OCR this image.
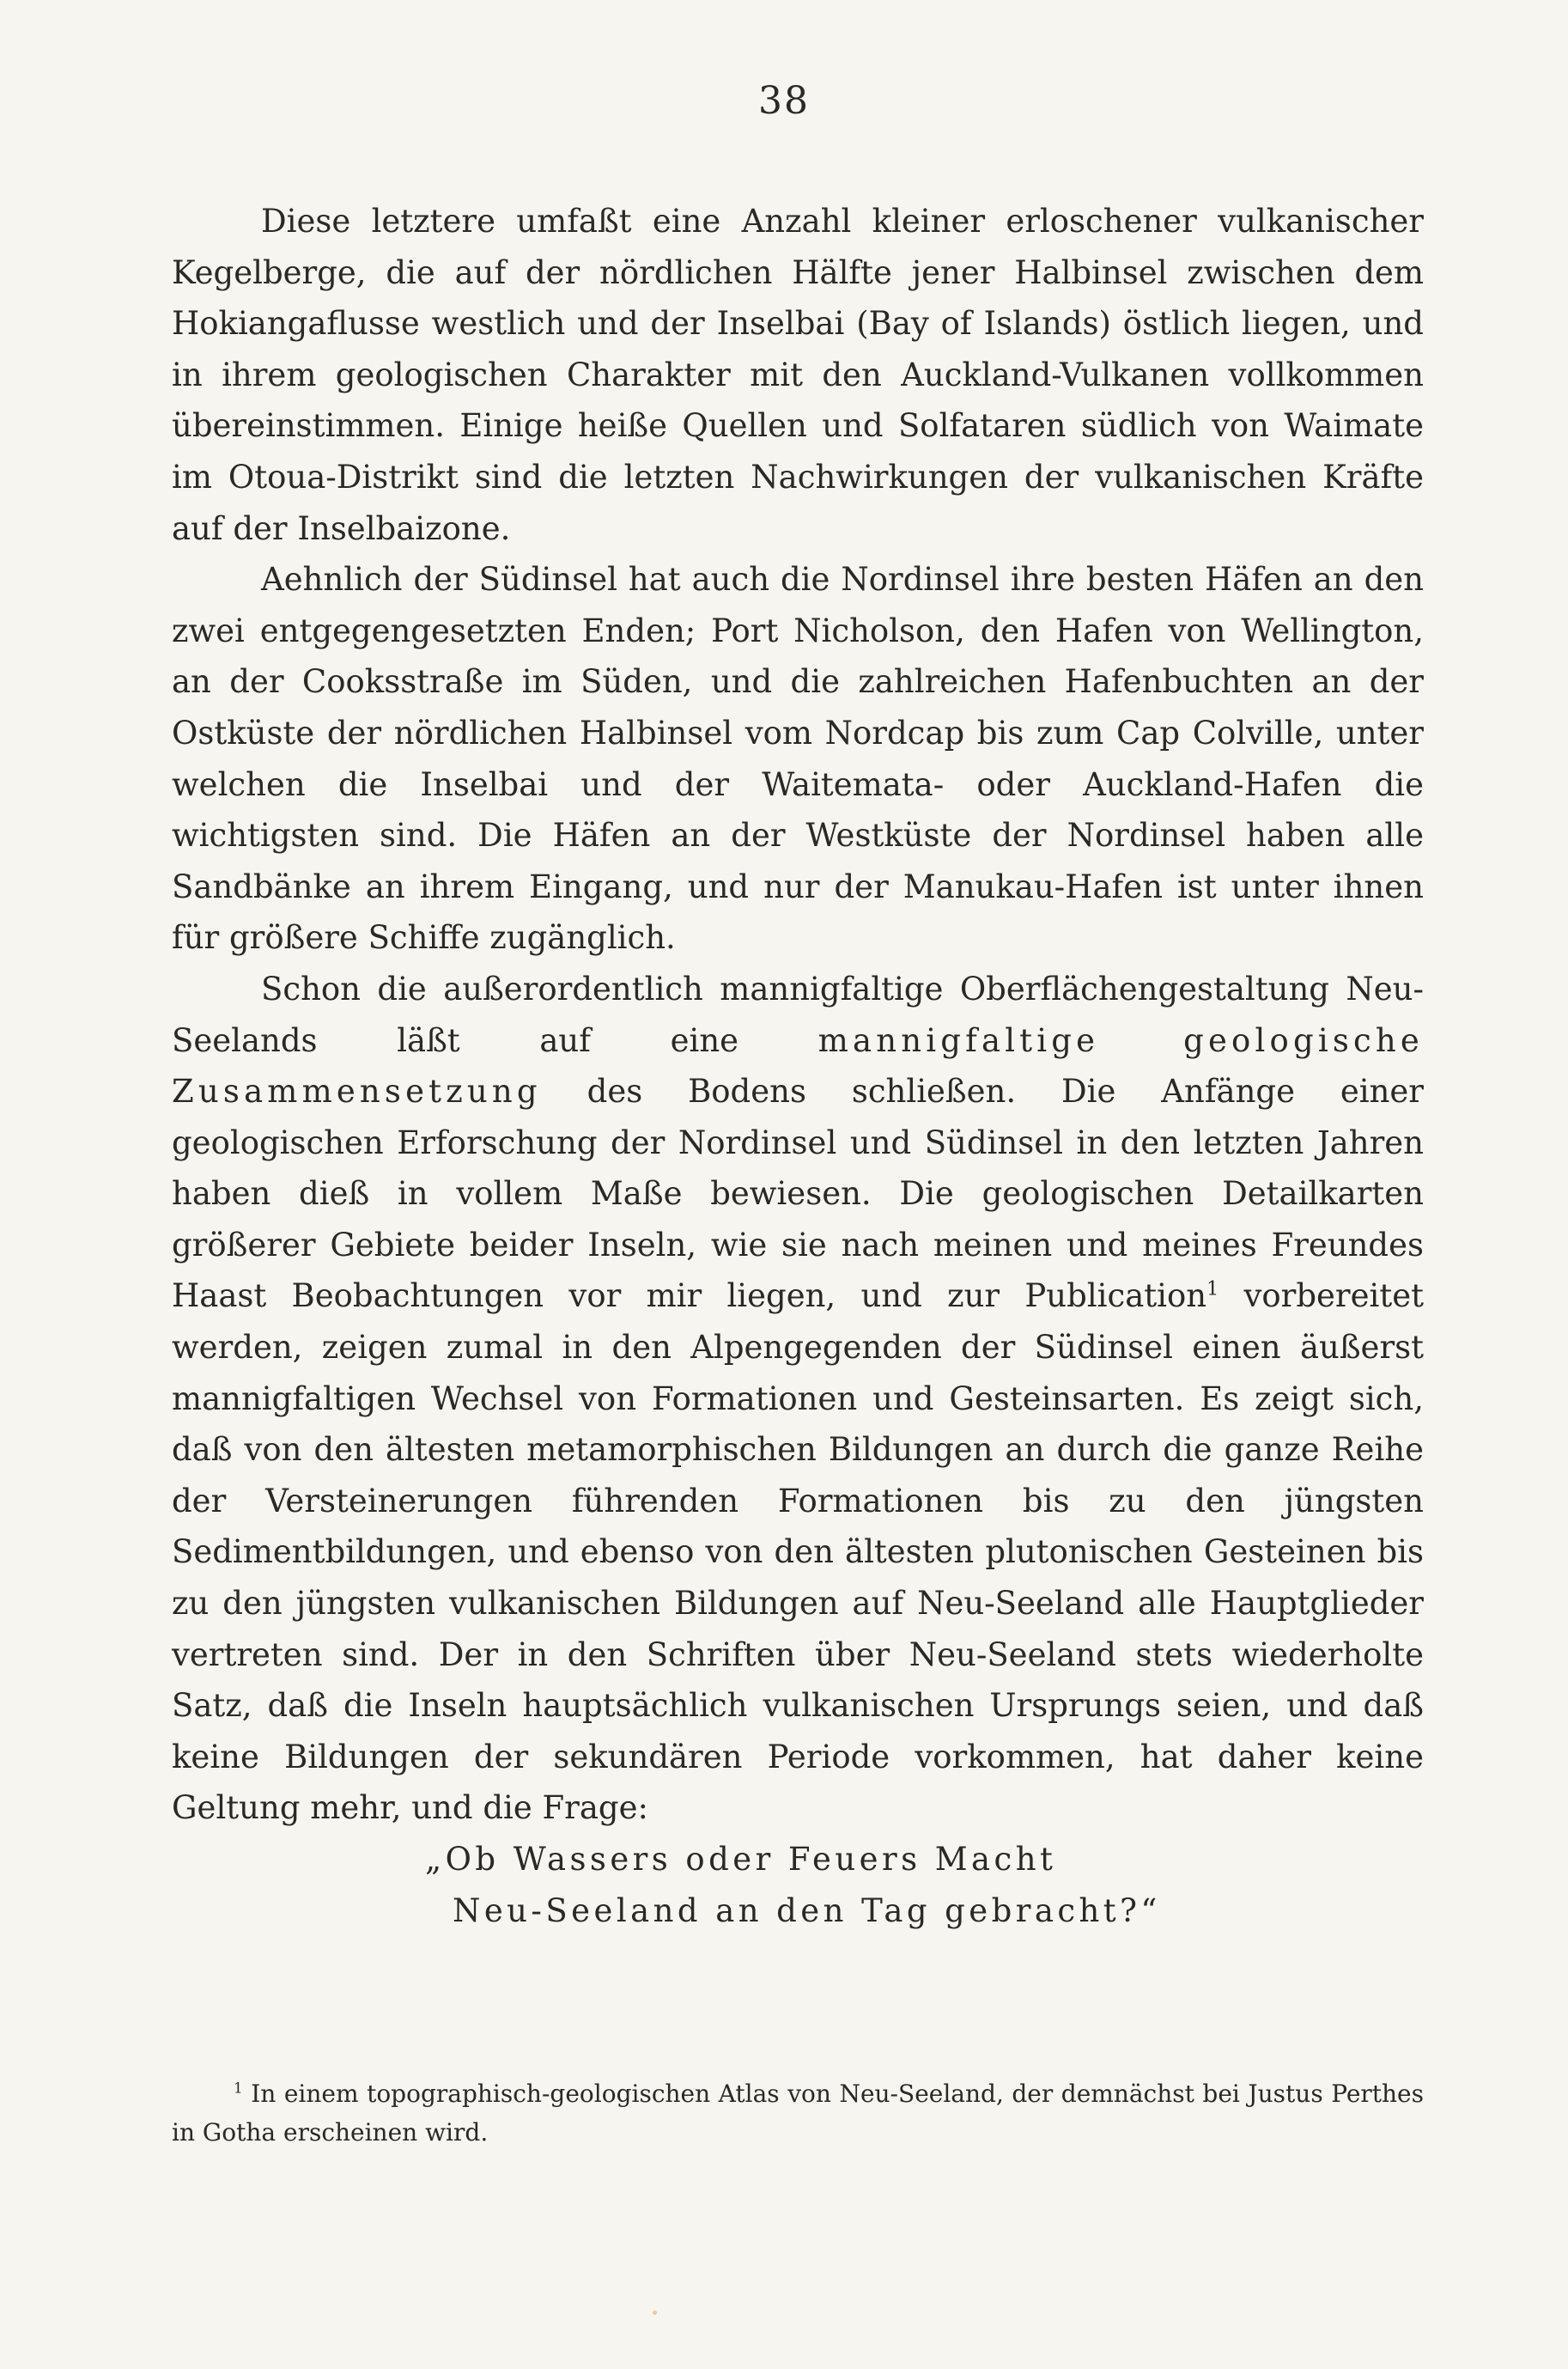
38

Diese letztere umfaßt eine Anzahl kleiner erloschener vulkanischer Kegelberge, die auf der nördlichen Hälfte jener Halbinsel zwischen dem Hokiangaflusse westlich und der Inselbai (Bay of Islands) östlich liegen, und in ihrem geologischen Charakter mit den Auckland-Vulkanen vollkommen übereinstimmen. Einige heiße Quellen und Solfataren südlich von Waimate im Otoua-Distrikt sind die letzten Nachwirkungen der vulkanischen Kräfte auf der Inselbaizone.

Aehnlich der Südinsel hat auch die Nordinsel ihre besten Häfen an den zwei entgegengesetzten Enden; Port Nicholson, den Hafen von Wellington, an der Cooksstraße im Süden, und die zahlreichen Hafenbuchten an der Ostküste der nördlichen Halbinsel vom Nordcap bis zum Cap Colville, unter welchen die Inselbai und der Waitemata- oder Auckland-Hafen die wichtigsten sind. Die Häfen an der Westküste der Nordinsel haben alle Sandbänke an ihrem Eingang, und nur der Manukau-Hafen ist unter ihnen für größere Schiffe zugänglich.

Schon die außerordentlich mannigfaltige Oberflächengestaltung Neu-Seelands läßt auf eine mannigfaltige geologische Zusammensetzung des Bodens schließen. Die Anfänge einer geologischen Erforschung der Nordinsel und Südinsel in den letzten Jahren haben dieß in vollem Maße bewiesen. Die geologischen Detailkarten größerer Gebiete beider Inseln, wie sie nach meinen und meines Freundes Haast Beobachtungen vor mir liegen, und zur Publication$^1$ vorbereitet werden, zeigen zumal in den Alpengegenden der Südinsel einen äußerst mannigfaltigen Wechsel von Formationen und Gesteinsarten. Es zeigt sich, daß von den ältesten metamorphischen Bildungen an durch die ganze Reihe der Versteinerungen führenden Formationen bis zu den jüngsten Sedimentbildungen, und ebenso von den ältesten plutonischen Gesteinen bis zu den jüngsten vulkanischen Bildungen auf Neu-Seeland alle Hauptglieder vertreten sind. Der in den Schriften über Neu-Seeland stets wiederholte Satz, daß die Inseln hauptsächlich vulkanischen Ursprungs seien, und daß keine Bildungen der sekundären Periode vorkommen, hat daher keine Geltung mehr, und die Frage:

„Ob Wassers oder Feuers Macht
Neu-Seeland an den Tag gebracht?“
$^1$ In einem topographisch-geologischen Atlas von Neu-Seeland, der demnächst bei Justus Perthes in Gotha erscheinen wird.
